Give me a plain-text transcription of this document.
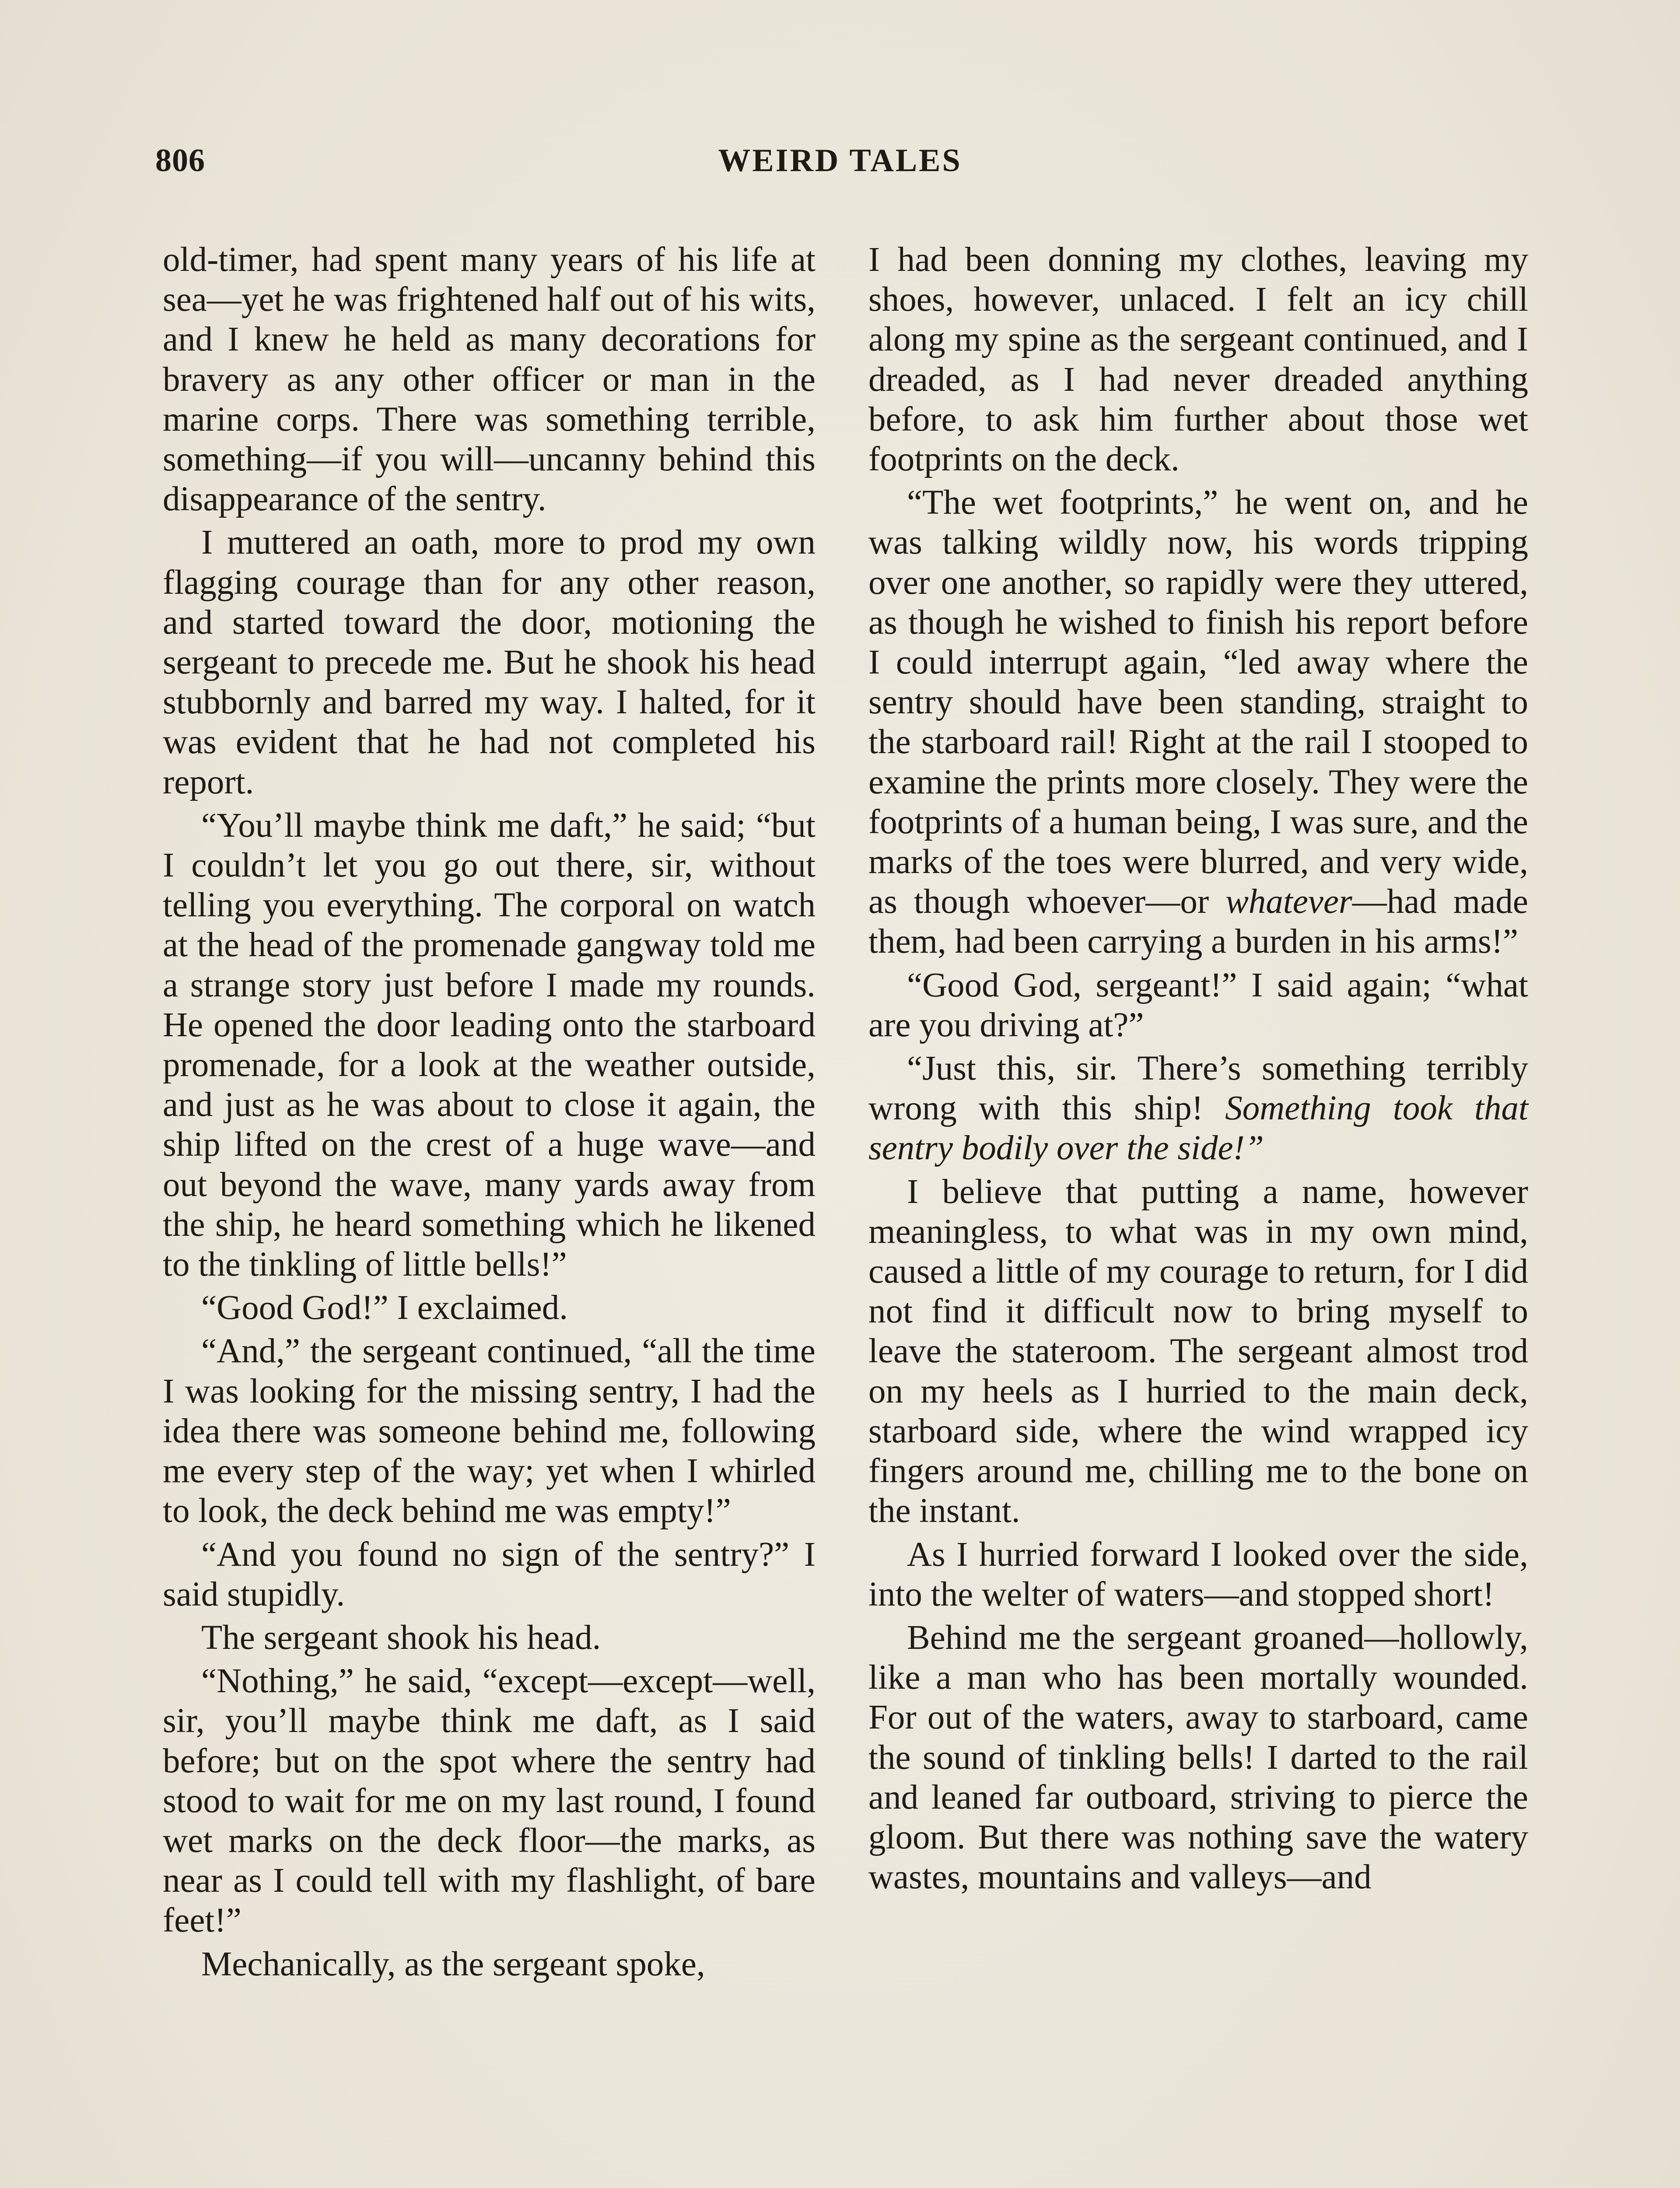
806	WEIRD TALES

old-timer, had spent many years of his life at sea—yet he was frightened half out of his wits, and I knew he held as many decorations for bravery as any other officer or man in the marine corps. There was something terrible, something—if you will—uncanny behind this disappearance of the sentry.

I muttered an oath, more to prod my own flagging courage than for any other reason, and started toward the door, motioning the sergeant to precede me. But he shook his head stubbornly and barred my way. I halted, for it was evident that he had not completed his report.

“You’ll maybe think me daft,” he said; “but I couldn’t let you go out there, sir, without telling you everything. The corporal on watch at the head of the promenade gangway told me a strange story just before I made my rounds. He opened the door leading onto the starboard promenade, for a look at the weather outside, and just as he was about to close it again, the ship lifted on the crest of a huge wave—and out beyond the wave, many yards away from the ship, he heard something which he likened to the tinkling of little bells!”

“Good God!” I exclaimed.

“And,” the sergeant continued, “all the time I was looking for the missing sentry, I had the idea there was someone behind me, following me every step of the way; yet when I whirled to look, the deck behind me was empty!”

“And you found no sign of the sentry?” I said stupidly.

The sergeant shook his head.

“Nothing,” he said, “except—except—well, sir, you’ll maybe think me daft, as I said before; but on the spot where the sentry had stood to wait for me on my last round, I found wet marks on the deck floor—the marks, as near as I could tell with my flashlight, of bare feet!”

Mechanically, as the sergeant spoke,

I had been donning my clothes, leaving my shoes, however, unlaced. I felt an icy chill along my spine as the sergeant continued, and I dreaded, as I had never dreaded anything before, to ask him further about those wet footprints on the deck.

“The wet footprints,” he went on, and he was talking wildly now, his words tripping over one another, so rapidly were they uttered, as though he wished to finish his report before I could interrupt again, “led away where the sentry should have been standing, straight to the starboard rail! Right at the rail I stooped to examine the prints more closely. They were the footprints of a human being, I was sure, and the marks of the toes were blurred, and very wide, as though whoever—or whatever—had made them, had been carrying a burden in his arms!”

“Good God, sergeant!” I said again; “what are you driving at?”

“Just this, sir. There’s something terribly wrong with this ship! Something took that sentry bodily over the side!”

I believe that putting a name, however meaningless, to what was in my own mind, caused a little of my courage to return, for I did not find it difficult now to bring myself to leave the stateroom. The sergeant almost trod on my heels as I hurried to the main deck, starboard side, where the wind wrapped icy fingers around me, chilling me to the bone on the instant.

As I hurried forward I looked over the side, into the welter of waters—and stopped short!

Behind me the sergeant groaned—hollowly, like a man who has been mortally wounded. For out of the waters, away to starboard, came the sound of tinkling bells! I darted to the rail and leaned far outboard, striving to pierce the gloom. But there was nothing save the watery wastes, mountains and valleys—and
